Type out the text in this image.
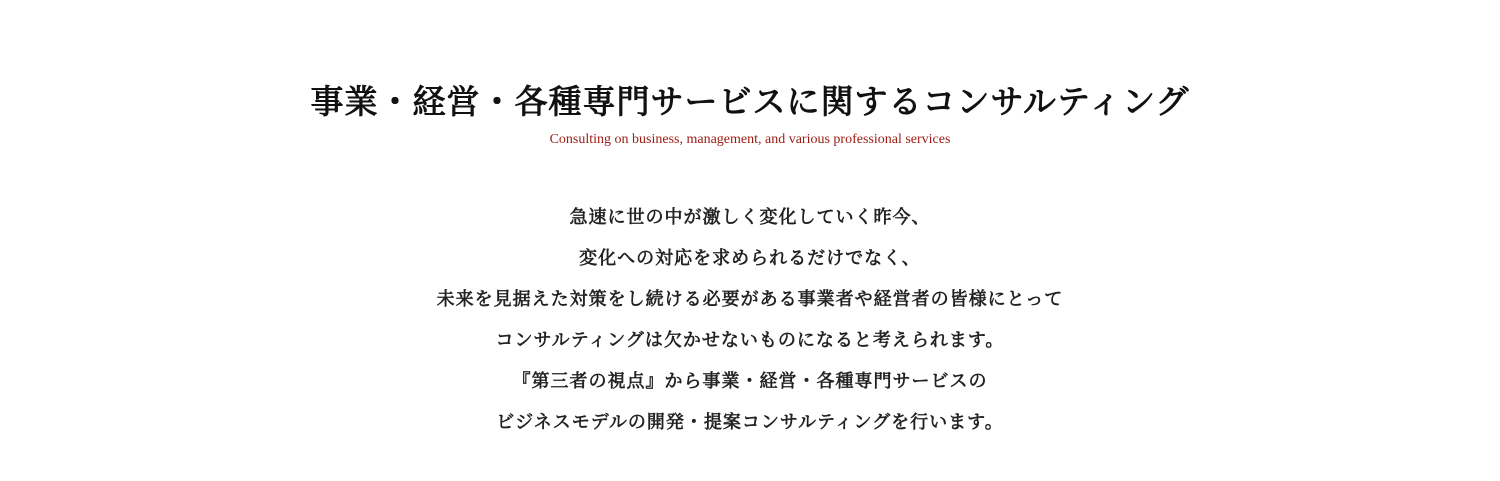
事業・経営・各種専門サービスに関するコンサルティング

Consulting on business, management, and various professional services

急速に世の中が激しく変化していく昨今、
変化への対応を求められるだけでなく、
未来を見据えた対策をし続ける必要がある事業者や経営者の皆様にとって
コンサルティングは欠かせないものになると考えられます。
『第三者の視点』から事業・経営・各種専門サービスの
ビジネスモデルの開発・提案コンサルティングを行います。
